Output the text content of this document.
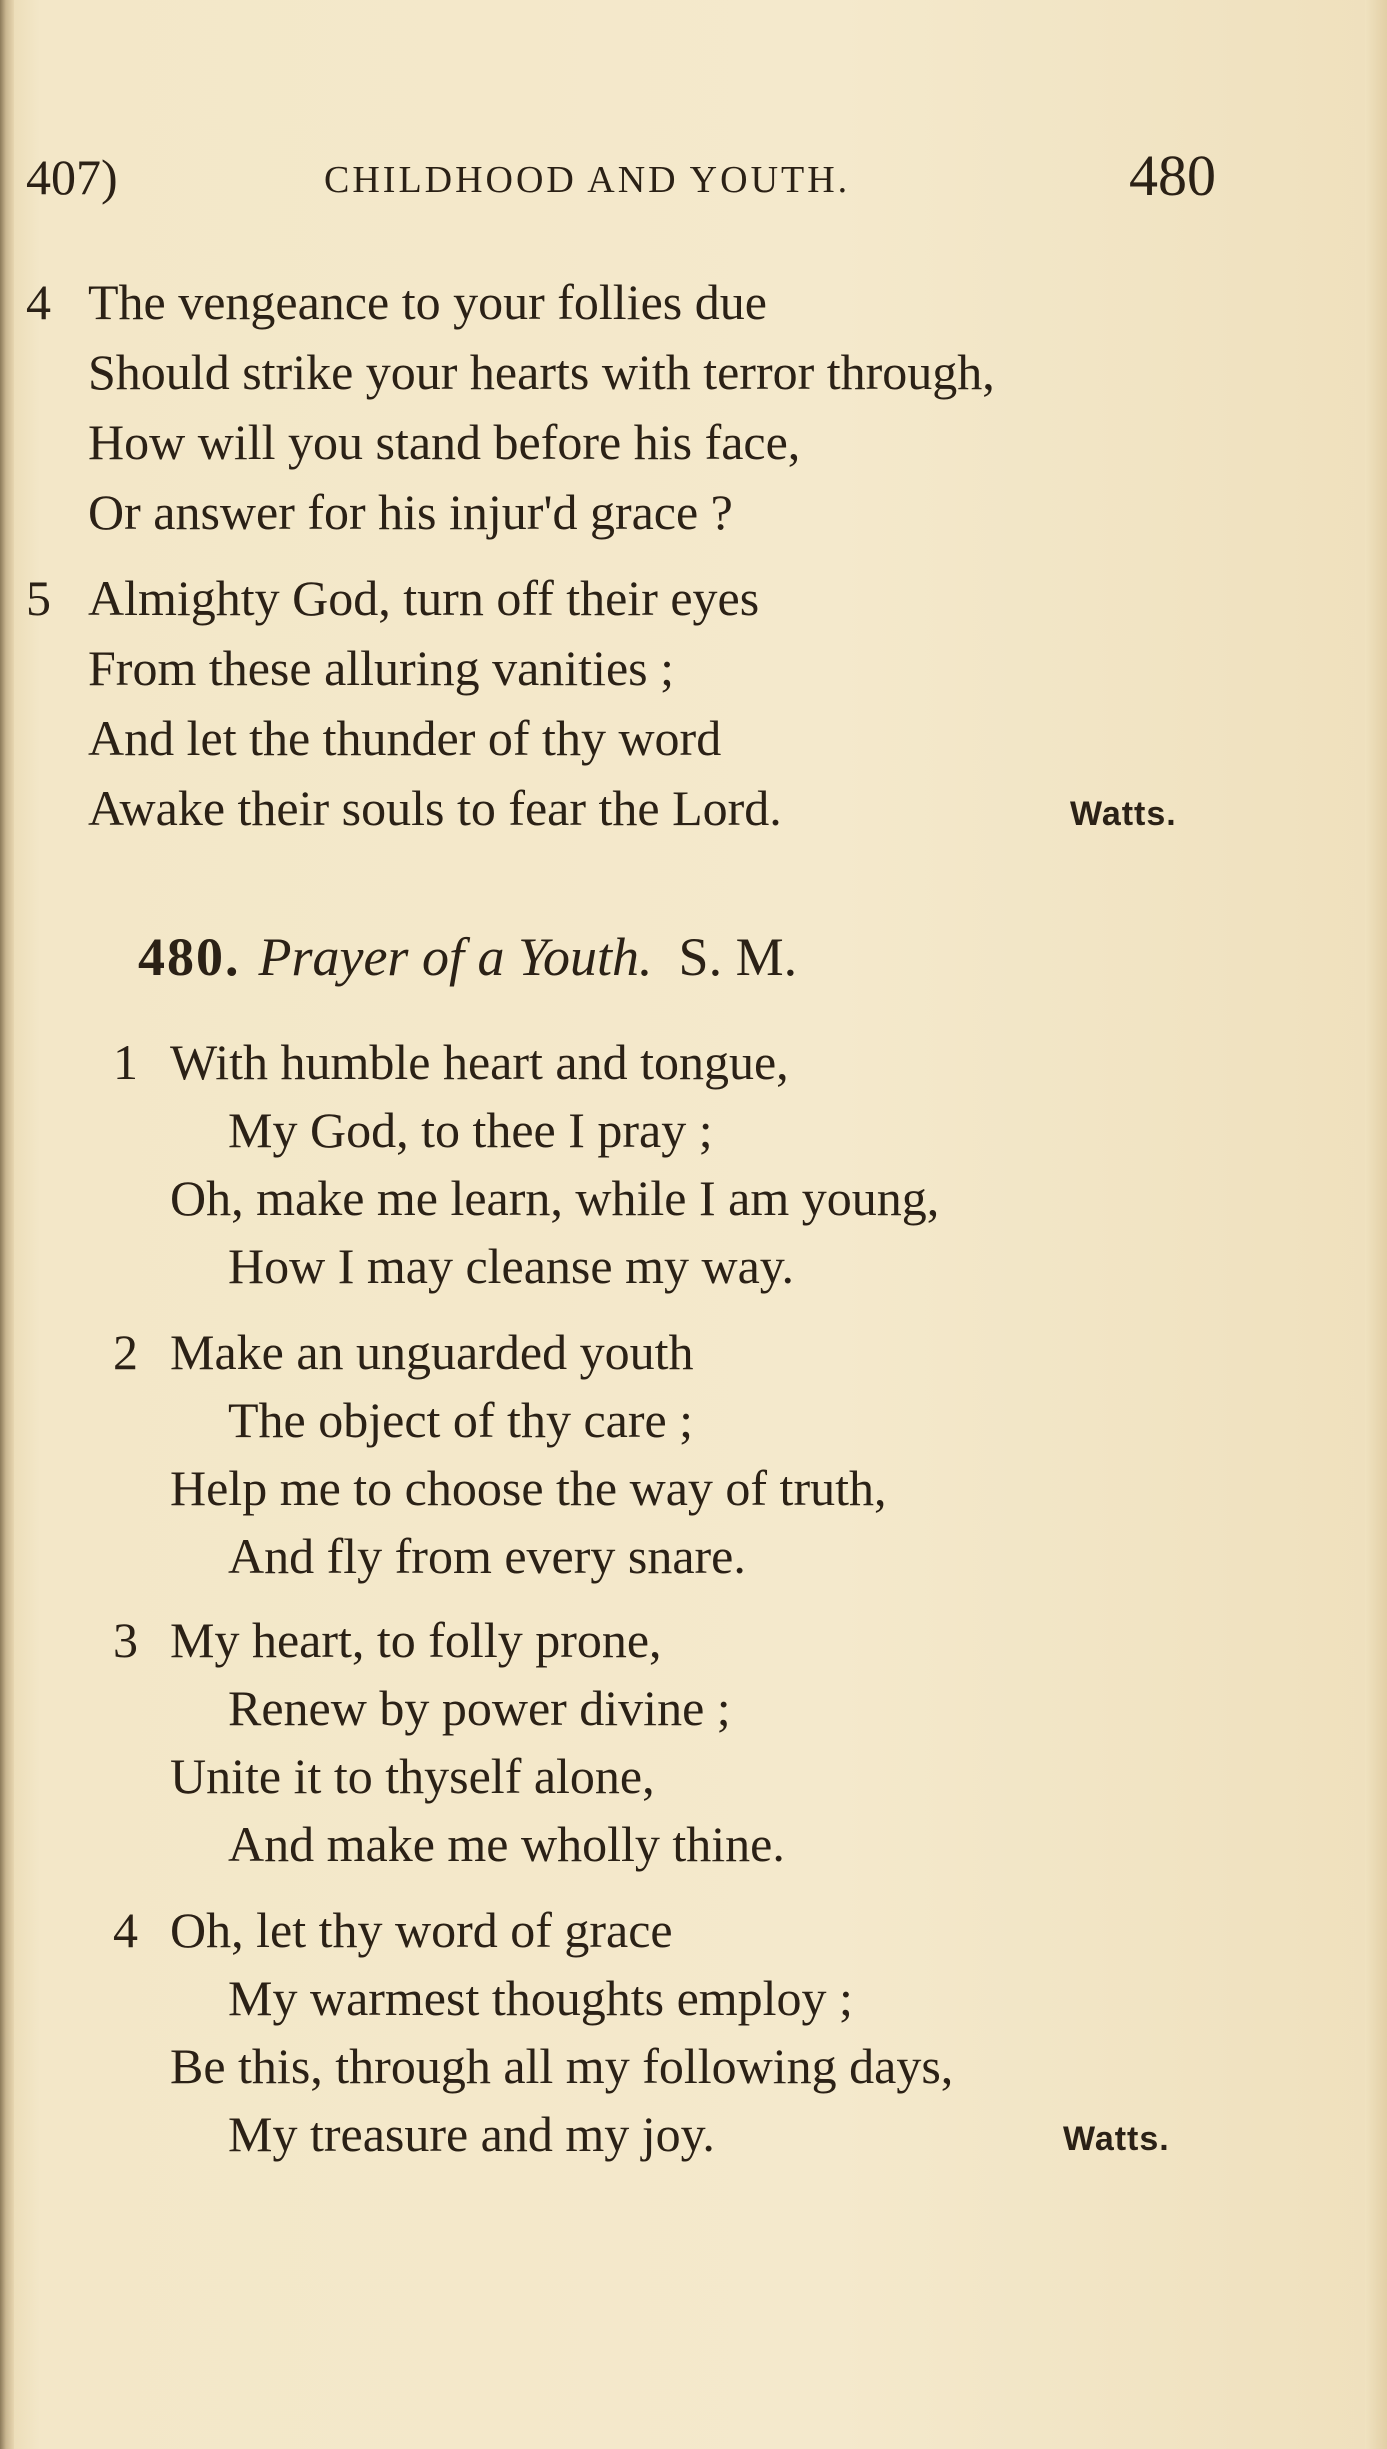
407)	CHILDHOOD AND YOUTH.	480
4 The vengeance to your follies due
Should strike your hearts with terror through,
How will you stand before his face,
Or answer for his injur'd grace ?
5 Almighty God, turn off their eyes
From these alluring vanities ;
And let the thunder of thy word
Awake their souls to fear the Lord.	Watts.
480. Prayer of a Youth. S. M.
1 With humble heart and tongue,
My God, to thee I pray ;
Oh, make me learn, while I am young,
How I may cleanse my way.
2 Make an unguarded youth
The object of thy care ;
Help me to choose the way of truth,
And fly from every snare.
3 My heart, to folly prone,
Renew by power divine ;
Unite it to thyself alone,
And make me wholly thine.
4 Oh, let thy word of grace
My warmest thoughts employ ;
Be this, through all my following days,
My treasure and my joy.	Watts.
